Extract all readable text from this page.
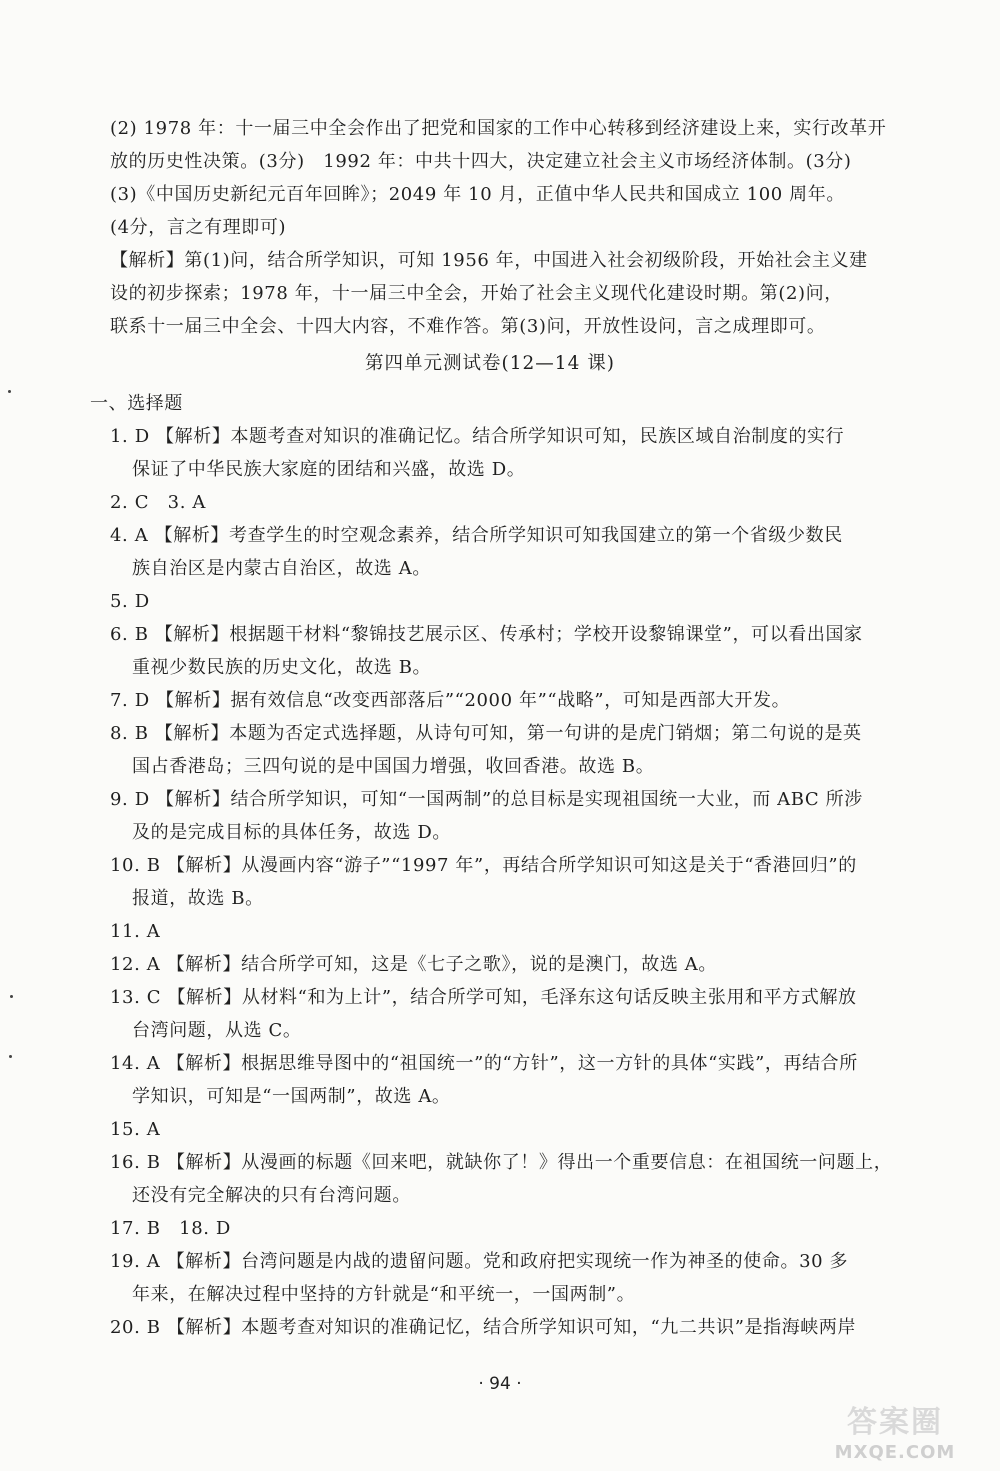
(2) 1978 年：十一届三中全会作出了把党和国家的工作中心转移到经济建设上来，实行改革开
放的历史性决策。(3分)　1992 年：中共十四大，决定建立社会主义市场经济体制。(3分)
(3)《中国历史新纪元百年回眸》；2049 年 10 月，正值中华人民共和国成立 100 周年。
(4分，言之有理即可)
【解析】第(1)问，结合所学知识，可知 1956 年，中国进入社会初级阶段，开始社会主义建
设的初步探索；1978 年，十一届三中全会，开始了社会主义现代化建设时期。第(2)问，
联系十一届三中全会、十四大内容，不难作答。第(3)问，开放性设问，言之成理即可。
第四单元测试卷(12—14 课)
一、选择题
1. D 【解析】本题考查对知识的准确记忆。结合所学知识可知，民族区域自治制度的实行
保证了中华民族大家庭的团结和兴盛，故选 D。
2. C　3. A
4. A 【解析】考查学生的时空观念素养，结合所学知识可知我国建立的第一个省级少数民
族自治区是内蒙古自治区，故选 A。
5. D
6. B 【解析】根据题干材料“黎锦技艺展示区、传承村；学校开设黎锦课堂”，可以看出国家
重视少数民族的历史文化，故选 B。
7. D 【解析】据有效信息“改变西部落后”“2000 年”“战略”，可知是西部大开发。
8. B 【解析】本题为否定式选择题，从诗句可知，第一句讲的是虎门销烟；第二句说的是英
国占香港岛；三四句说的是中国国力增强，收回香港。故选 B。
9. D 【解析】结合所学知识，可知“一国两制”的总目标是实现祖国统一大业，而 ABC 所涉
及的是完成目标的具体任务，故选 D。
10. B 【解析】从漫画内容“游子”“1997 年”，再结合所学知识可知这是关于“香港回归”的
报道，故选 B。
11. A
12. A 【解析】结合所学可知，这是《七子之歌》，说的是澳门，故选 A。
13. C 【解析】从材料“和为上计”，结合所学可知，毛泽东这句话反映主张用和平方式解放
台湾问题，从选 C。
14. A 【解析】根据思维导图中的“祖国统一”的“方针”，这一方针的具体“实践”，再结合所
学知识，可知是“一国两制”，故选 A。
15. A
16. B 【解析】从漫画的标题《回来吧，就缺你了！》得出一个重要信息：在祖国统一问题上，
还没有完全解决的只有台湾问题。
17. B　18. D
19. A 【解析】台湾问题是内战的遗留问题。党和政府把实现统一作为神圣的使命。30 多
年来，在解决过程中坚持的方针就是“和平统一，一国两制”。
20. B 【解析】本题考查对知识的准确记忆，结合所学知识可知，“九二共识”是指海峡两岸
· 94 ·
答案圈
MXQE.COM
